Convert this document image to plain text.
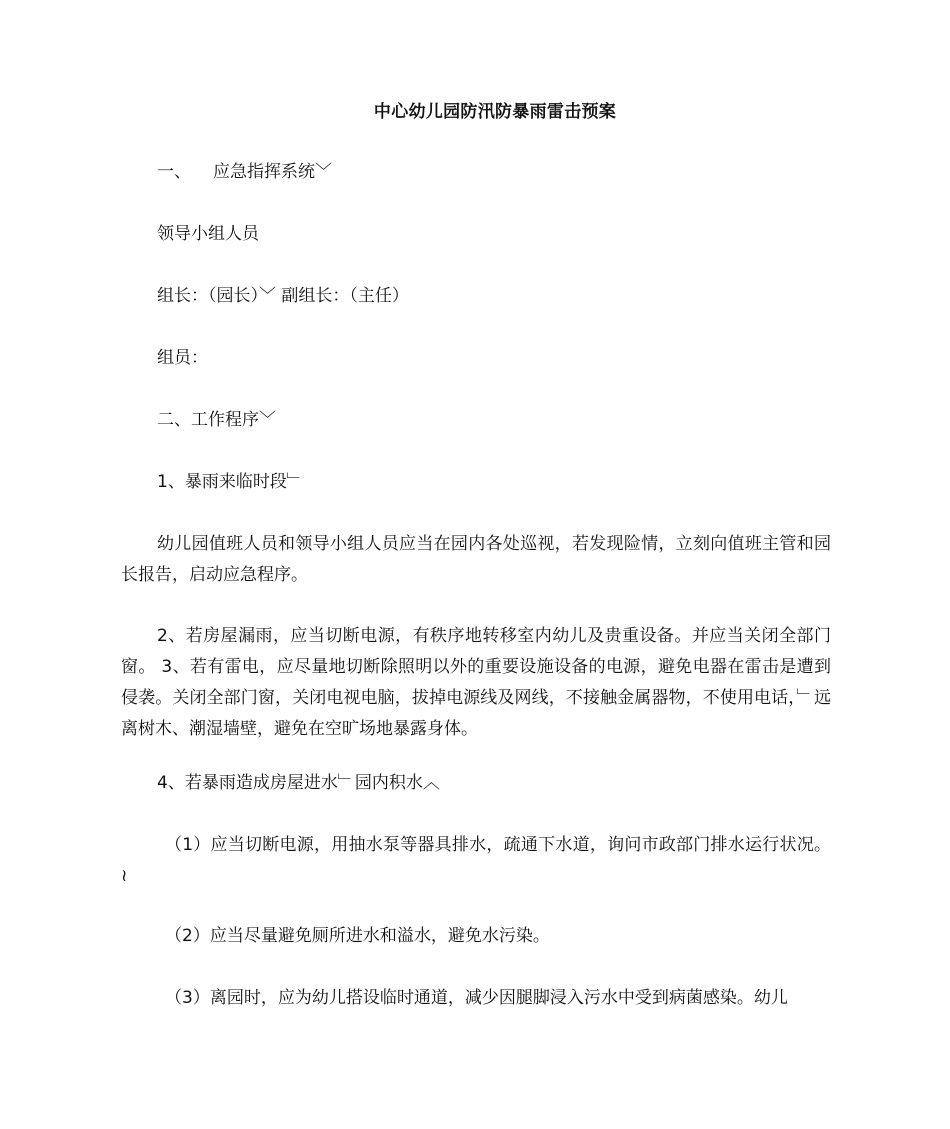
中心幼儿园防汛防暴雨雷击预案
一、 应急指挥系统﹀
领导小组人员
组长：（园长）﹀ 副组长：（主任）
组员：
二、工作程序﹀
1、暴雨来临时段﹂
幼儿园值班人员和领导小组人员应当在园内各处巡视，若发现险情，立刻向值班主管和园长报告，启动应急程序。
2、若房屋漏雨，应当切断电源，有秩序地转移室内幼儿及贵重设备。并应当关闭全部门窗。 3、若有雷电，应尽量地切断除照明以外的重要设施设备的电源，避免电器在雷击是遭到侵袭。关闭全部门窗，关闭电视电脑，拔掉电源线及网线，不接触金属器物，不使用电话，﹂远离树木、潮湿墙壁，避免在空旷场地暴露身体。
4、若暴雨造成房屋进水﹂园内积水︿
（1）应当切断电源，用抽水泵等器具排水，疏通下水道，询问市政部门排水运行状况。 ≀
（2）应当尽量避免厕所进水和溢水，避免水污染。
（3）离园时，应为幼儿搭设临时通道，减少因腿脚浸入污水中受到病菌感染。幼儿
